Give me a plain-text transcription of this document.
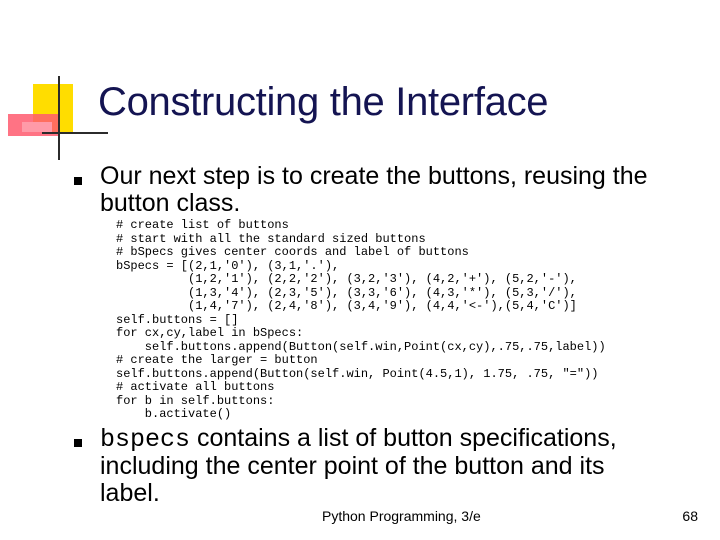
Constructing the Interface

Our next step is to create the buttons, reusing the button class.

# create list of buttons
# start with all the standard sized buttons
# bSpecs gives center coords and label of buttons
bSpecs = [(2,1,'0'), (3,1,'.'),
(1,2,'1'), (2,2,'2'), (3,2,'3'), (4,2,'+'), (5,2,'-'),
(1,3,'4'), (2,3,'5'), (3,3,'6'), (4,3,'*'), (5,3,'/'),
(1,4,'7'), (2,4,'8'), (3,4,'9'), (4,4,'<-'),(5,4,'C')]
self.buttons = []
for cx,cy,label in bSpecs:
self.buttons.append(Button(self.win,Point(cx,cy),.75,.75,label))
# create the larger = button
self.buttons.append(Button(self.win, Point(4.5,1), 1.75, .75, "="))
# activate all buttons
for b in self.buttons:
b.activate()
bspecs contains a list of button specifications,
including the center point of the button and its
label.
Python Programming, 3/e	68
